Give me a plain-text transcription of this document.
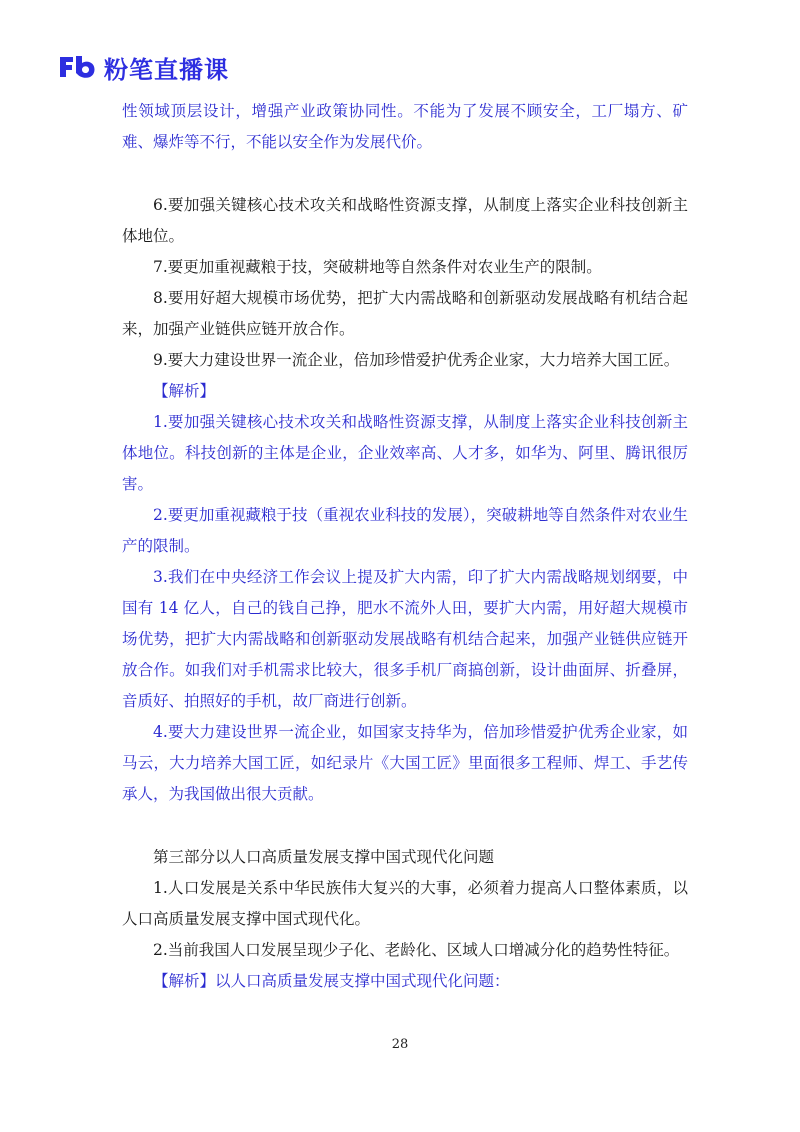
粉笔直播课

性领域顶层设计，增强产业政策协同性。不能为了发展不顾安全，工厂塌方、矿难、爆炸等不行，不能以安全作为发展代价。

6.要加强关键核心技术攻关和战略性资源支撑，从制度上落实企业科技创新主体地位。

7.要更加重视藏粮于技，突破耕地等自然条件对农业生产的限制。

8.要用好超大规模市场优势，把扩大内需战略和创新驱动发展战略有机结合起来，加强产业链供应链开放合作。

9.要大力建设世界一流企业，倍加珍惜爱护优秀企业家，大力培养大国工匠。

【解析】

1.要加强关键核心技术攻关和战略性资源支撑，从制度上落实企业科技创新主体地位。科技创新的主体是企业，企业效率高、人才多，如华为、阿里、腾讯很厉害。

2.要更加重视藏粮于技（重视农业科技的发展），突破耕地等自然条件对农业生产的限制。

3.我们在中央经济工作会议上提及扩大内需，印了扩大内需战略规划纲要，中国有 14 亿人，自己的钱自己挣，肥水不流外人田，要扩大内需，用好超大规模市场优势，把扩大内需战略和创新驱动发展战略有机结合起来，加强产业链供应链开放合作。如我们对手机需求比较大，很多手机厂商搞创新，设计曲面屏、折叠屏，音质好、拍照好的手机，故厂商进行创新。

4.要大力建设世界一流企业，如国家支持华为，倍加珍惜爱护优秀企业家，如马云，大力培养大国工匠，如纪录片《大国工匠》里面很多工程师、焊工、手艺传承人，为我国做出很大贡献。

第三部分以人口高质量发展支撑中国式现代化问题

1.人口发展是关系中华民族伟大复兴的大事，必须着力提高人口整体素质，以人口高质量发展支撑中国式现代化。

2.当前我国人口发展呈现少子化、老龄化、区域人口增减分化的趋势性特征。

【解析】以人口高质量发展支撑中国式现代化问题：

28
